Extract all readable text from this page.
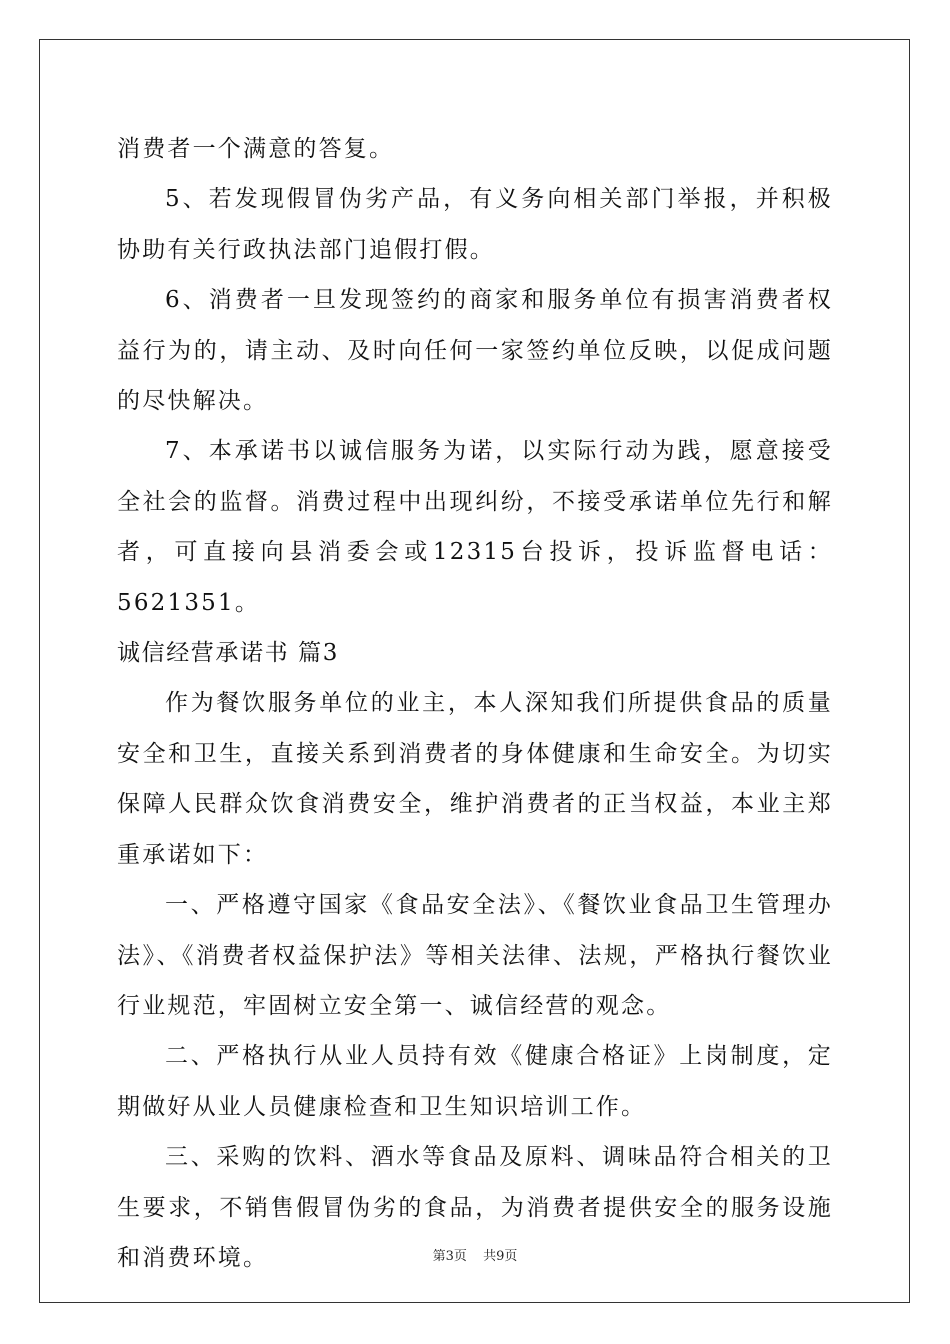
消费者一个满意的答复。

5、若发现假冒伪劣产品，有义务向相关部门举报，并积极协助有关行政执法部门追假打假。

6、消费者一旦发现签约的商家和服务单位有损害消费者权益行为的，请主动、及时向任何一家签约单位反映，以促成问题的尽快解决。

7、本承诺书以诚信服务为诺，以实际行动为践，愿意接受全社会的监督。消费过程中出现纠纷，不接受承诺单位先行和解者，可直接向县消委会或12315台投诉，投诉监督电话：5621351。

诚信经营承诺书 篇3

作为餐饮服务单位的业主，本人深知我们所提供食品的质量安全和卫生，直接关系到消费者的身体健康和生命安全。为切实保障人民群众饮食消费安全，维护消费者的正当权益，本业主郑重承诺如下：

一、严格遵守国家《食品安全法》、《餐饮业食品卫生管理办法》、《消费者权益保护法》等相关法律、法规，严格执行餐饮业行业规范，牢固树立安全第一、诚信经营的观念。

二、严格执行从业人员持有效《健康合格证》上岗制度，定期做好从业人员健康检查和卫生知识培训工作。

三、采购的饮料、酒水等食品及原料、调味品符合相关的卫生要求，不销售假冒伪劣的食品，为消费者提供安全的服务设施和消费环境。	第3页 共9页
